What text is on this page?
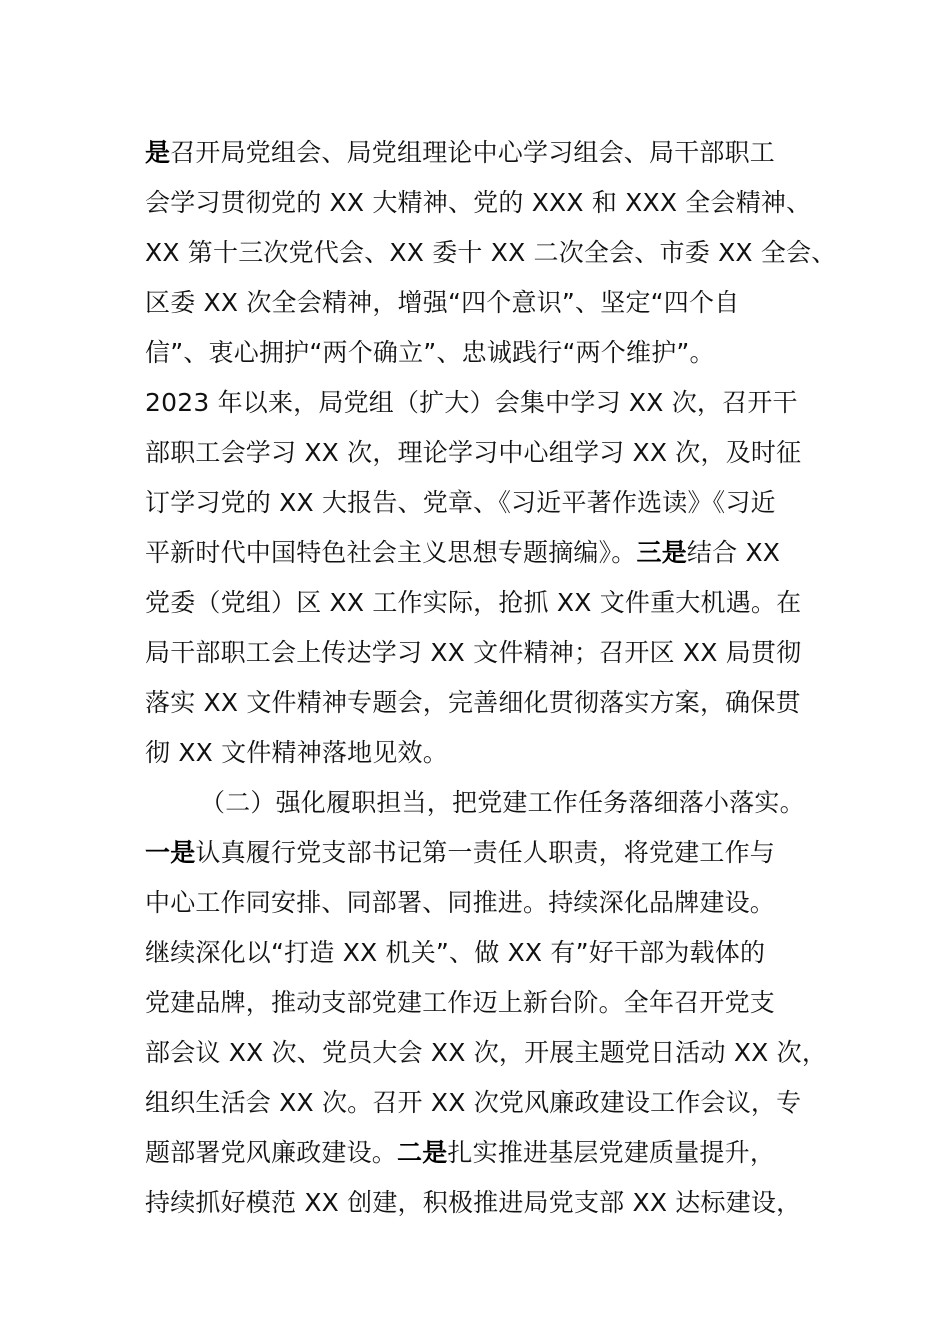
是召开局党组会、局党组理论中心学习组会、局干部职工
会学习贯彻党的 XX 大精神、党的 XXX 和 XXX 全会精神、
XX 第十三次党代会、XX 委十 XX 二次全会、市委 XX 全会、
区委 XX 次全会精神，增强“四个意识”、坚定“四个自
信”、衷心拥护“两个确立”、忠诚践行“两个维护”。
2023 年以来，局党组（扩大）会集中学习 XX 次，召开干
部职工会学习 XX 次，理论学习中心组学习 XX 次，及时征
订学习党的 XX 大报告、党章、《习近平著作选读》《习近
平新时代中国特色社会主义思想专题摘编》。三是结合 XX
党委（党组）区 XX 工作实际，抢抓 XX 文件重大机遇。在
局干部职工会上传达学习 XX 文件精神；召开区 XX 局贯彻
落实 XX 文件精神专题会，完善细化贯彻落实方案，确保贯
彻 XX 文件精神落地见效。
（二）强化履职担当，把党建工作任务落细落小落实。
一是认真履行党支部书记第一责任人职责，将党建工作与
中心工作同安排、同部署、同推进。持续深化品牌建设。
继续深化以“打造 XX 机关”、做 XX 有”好干部为载体的
党建品牌，推动支部党建工作迈上新台阶。全年召开党支
部会议 XX 次、党员大会 XX 次，开展主题党日活动 XX 次，
组织生活会 XX 次。召开 XX 次党风廉政建设工作会议，专
题部署党风廉政建设。二是扎实推进基层党建质量提升，
持续抓好模范 XX 创建，积极推进局党支部 XX 达标建设，
